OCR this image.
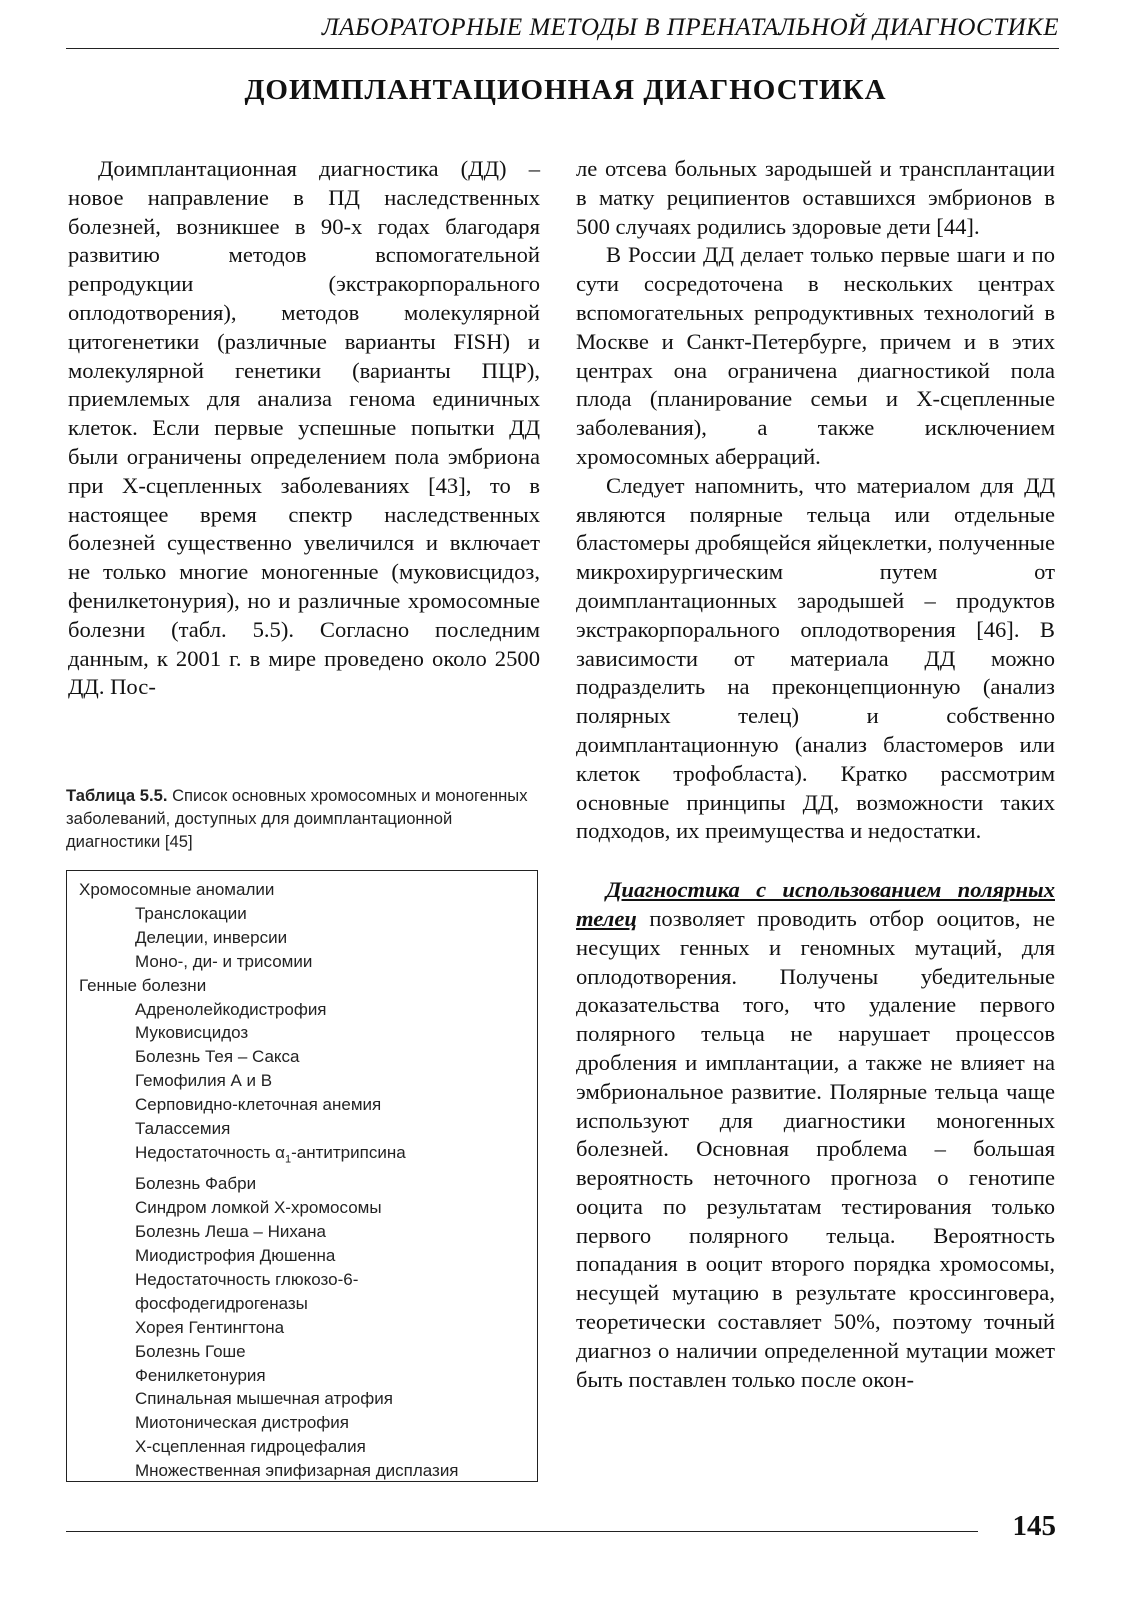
ЛАБОРАТОРНЫЕ МЕТОДЫ В ПРЕНАТАЛЬНОЙ ДИАГНОСТИКЕ
ДОИМПЛАНТАЦИОННАЯ ДИАГНОСТИКА

Доимплантационная диагностика (ДД) – новое направление в ПД наследственных болезней, возникшее в 90-х годах благодаря развитию методов вспомогательной репродукции (экстракорпорального оплодотворения), методов молекулярной цитогенетики (различные варианты FISH) и молекулярной генетики (варианты ПЦР), приемлемых для анализа генома единичных клеток. Если первые успешные попытки ДД были ограничены определением пола эмбриона при X-сцепленных заболеваниях [43], то в настоящее время спектр наследственных болезней существенно увеличился и включает не только многие моногенные (муковисцидоз, фенилкетонурия), но и различные хромосомные болезни (табл. 5.5). Согласно последним данным, к 2001 г. в мире проведено около 2500 ДД. Пос-

Таблица 5.5. Список основных хромосомных и моногенных заболеваний, доступных для доимплантационной диагностики [45]
Хромосомные аномалии
Транслокации
Делеции, инверсии
Моно-, ди- и трисомии
Генные болезни
Адренолейкодистрофия
Муковисцидоз
Болезнь Тея – Сакса
Гемофилия А и В
Серповидно-клеточная анемия
Талассемия
Недостаточность $\alpha_1$-антитрипсина
Болезнь Фабри
Синдром ломкой X-хромосомы
Болезнь Леша – Нихана
Миодистрофия Дюшенна
Недостаточность глюкозо-6-фосфодегидрогеназы
Хорея Гентингтона
Болезнь Гоше
Фенилкетонурия
Спинальная мышечная атрофия
Миотоническая дистрофия
X-сцепленная гидроцефалия
Множественная эпифизарная дисплазия

ле отсева больных зародышей и трансплантации в матку реципиентов оставшихся эмбрионов в 500 случаях родились здоровые дети [44].

В России ДД делает только первые шаги и по сути сосредоточена в нескольких центрах вспомогательных репродуктивных технологий в Москве и Санкт-Петербурге, причем и в этих центрах она ограничена диагностикой пола плода (планирование семьи и X-сцепленные заболевания), а также исключением хромосомных аберраций.

Следует напомнить, что материалом для ДД являются полярные тельца или отдельные бластомеры дробящейся яйцеклетки, полученные микрохирургическим путем от доимплантационных зародышей – продуктов экстракорпорального оплодотворения [46]. В зависимости от материала ДД можно подразделить на преконцепционную (анализ полярных телец) и собственно доимплантационную (анализ бластомеров или клеток трофобласта). Кратко рассмотрим основные принципы ДД, возможности таких подходов, их преимущества и недостатки.

Диагностика с использованием полярных телец позволяет проводить отбор ооцитов, не несущих генных и геномных мутаций, для оплодотворения. Получены убедительные доказательства того, что удаление первого полярного тельца не нарушает процессов дробления и имплантации, а также не влияет на эмбриональное развитие. Полярные тельца чаще используют для диагностики моногенных болезней. Основная проблема – большая вероятность неточного прогноза о генотипе ооцита по результатам тестирования только первого полярного тельца. Вероятность попадания в ооцит второго порядка хромосомы, несущей мутацию в результате кроссинговера, теоретически составляет 50%, поэтому точный диагноз о наличии определенной мутации может быть поставлен только после окон-

145
